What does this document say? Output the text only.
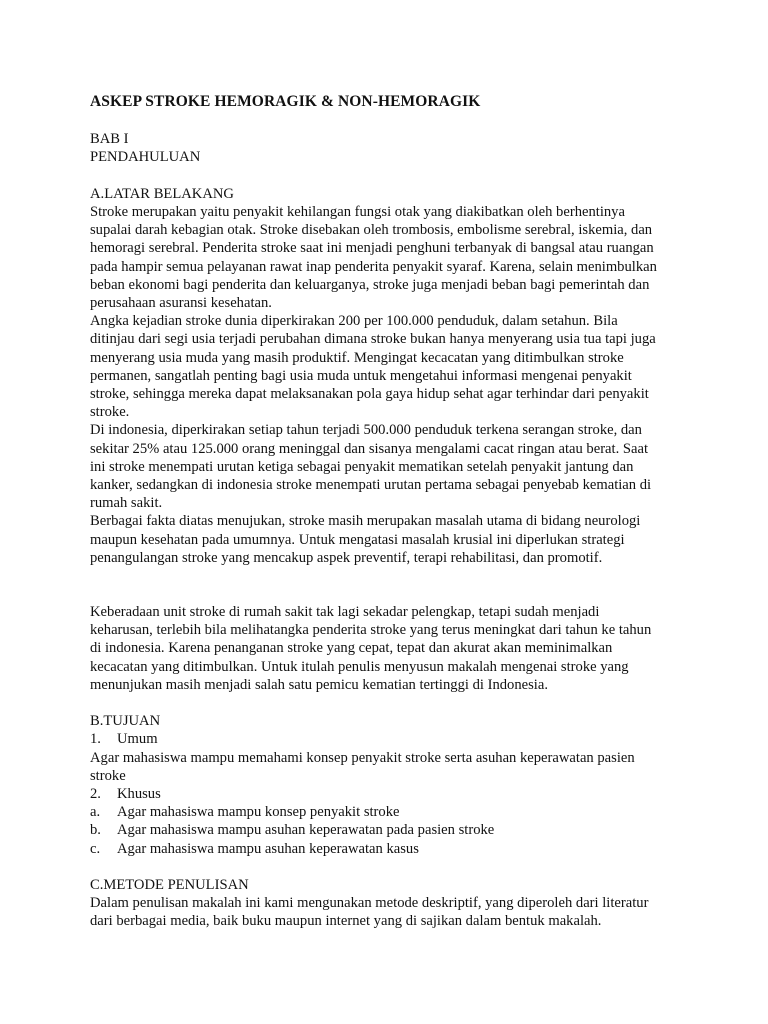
ASKEP STROKE HEMORAGIK & NON-HEMORAGIK
BAB I
PENDAHULUAN
A.LATAR BELAKANG
Stroke merupakan yaitu penyakit kehilangan fungsi otak yang diakibatkan oleh berhentinya
supalai darah kebagian otak. Stroke disebakan oleh trombosis, embolisme serebral, iskemia, dan
hemoragi serebral. Penderita stroke saat ini menjadi penghuni terbanyak di bangsal atau ruangan
pada hampir semua pelayanan rawat inap penderita penyakit syaraf. Karena, selain menimbulkan
beban ekonomi bagi penderita dan keluarganya, stroke juga menjadi beban bagi pemerintah dan
perusahaan asuransi kesehatan.
Angka kejadian stroke dunia diperkirakan 200 per 100.000 penduduk, dalam setahun. Bila
ditinjau dari segi usia terjadi perubahan dimana stroke bukan hanya menyerang usia tua tapi juga
menyerang usia muda yang masih produktif. Mengingat kecacatan yang ditimbulkan stroke
permanen, sangatlah penting bagi usia muda untuk mengetahui informasi mengenai penyakit
stroke, sehingga mereka dapat melaksanakan pola gaya hidup sehat agar terhindar dari penyakit
stroke.
Di indonesia, diperkirakan setiap tahun terjadi 500.000 penduduk terkena serangan stroke, dan
sekitar 25% atau 125.000 orang meninggal dan sisanya mengalami cacat ringan atau berat. Saat
ini stroke menempati urutan ketiga sebagai penyakit mematikan setelah penyakit jantung dan
kanker, sedangkan di indonesia stroke menempati urutan pertama sebagai penyebab kematian di
rumah sakit.
Berbagai fakta diatas menujukan, stroke masih merupakan masalah utama di bidang neurologi
maupun kesehatan pada umumnya. Untuk mengatasi masalah krusial ini diperlukan strategi
penangulangan stroke yang mencakup aspek preventif, terapi rehabilitasi, dan promotif.
Keberadaan unit stroke di rumah sakit tak lagi sekadar pelengkap, tetapi sudah menjadi
keharusan, terlebih bila melihatangka penderita stroke yang terus meningkat dari tahun ke tahun
di indonesia. Karena penanganan stroke yang cepat, tepat dan akurat akan meminimalkan
kecacatan yang ditimbulkan. Untuk itulah penulis menyusun makalah mengenai stroke yang
menunjukan masih menjadi salah satu pemicu kematian tertinggi di Indonesia.
B.TUJUAN
1. Umum
Agar mahasiswa mampu memahami konsep penyakit stroke serta asuhan keperawatan pasien
stroke
2. Khusus
a. Agar mahasiswa mampu konsep penyakit stroke
b. Agar mahasiswa mampu asuhan keperawatan pada pasien stroke
c. Agar mahasiswa mampu asuhan keperawatan kasus
C.METODE PENULISAN
Dalam penulisan makalah ini kami mengunakan metode deskriptif, yang diperoleh dari literatur
dari berbagai media, baik buku maupun internet yang di sajikan dalam bentuk makalah.
